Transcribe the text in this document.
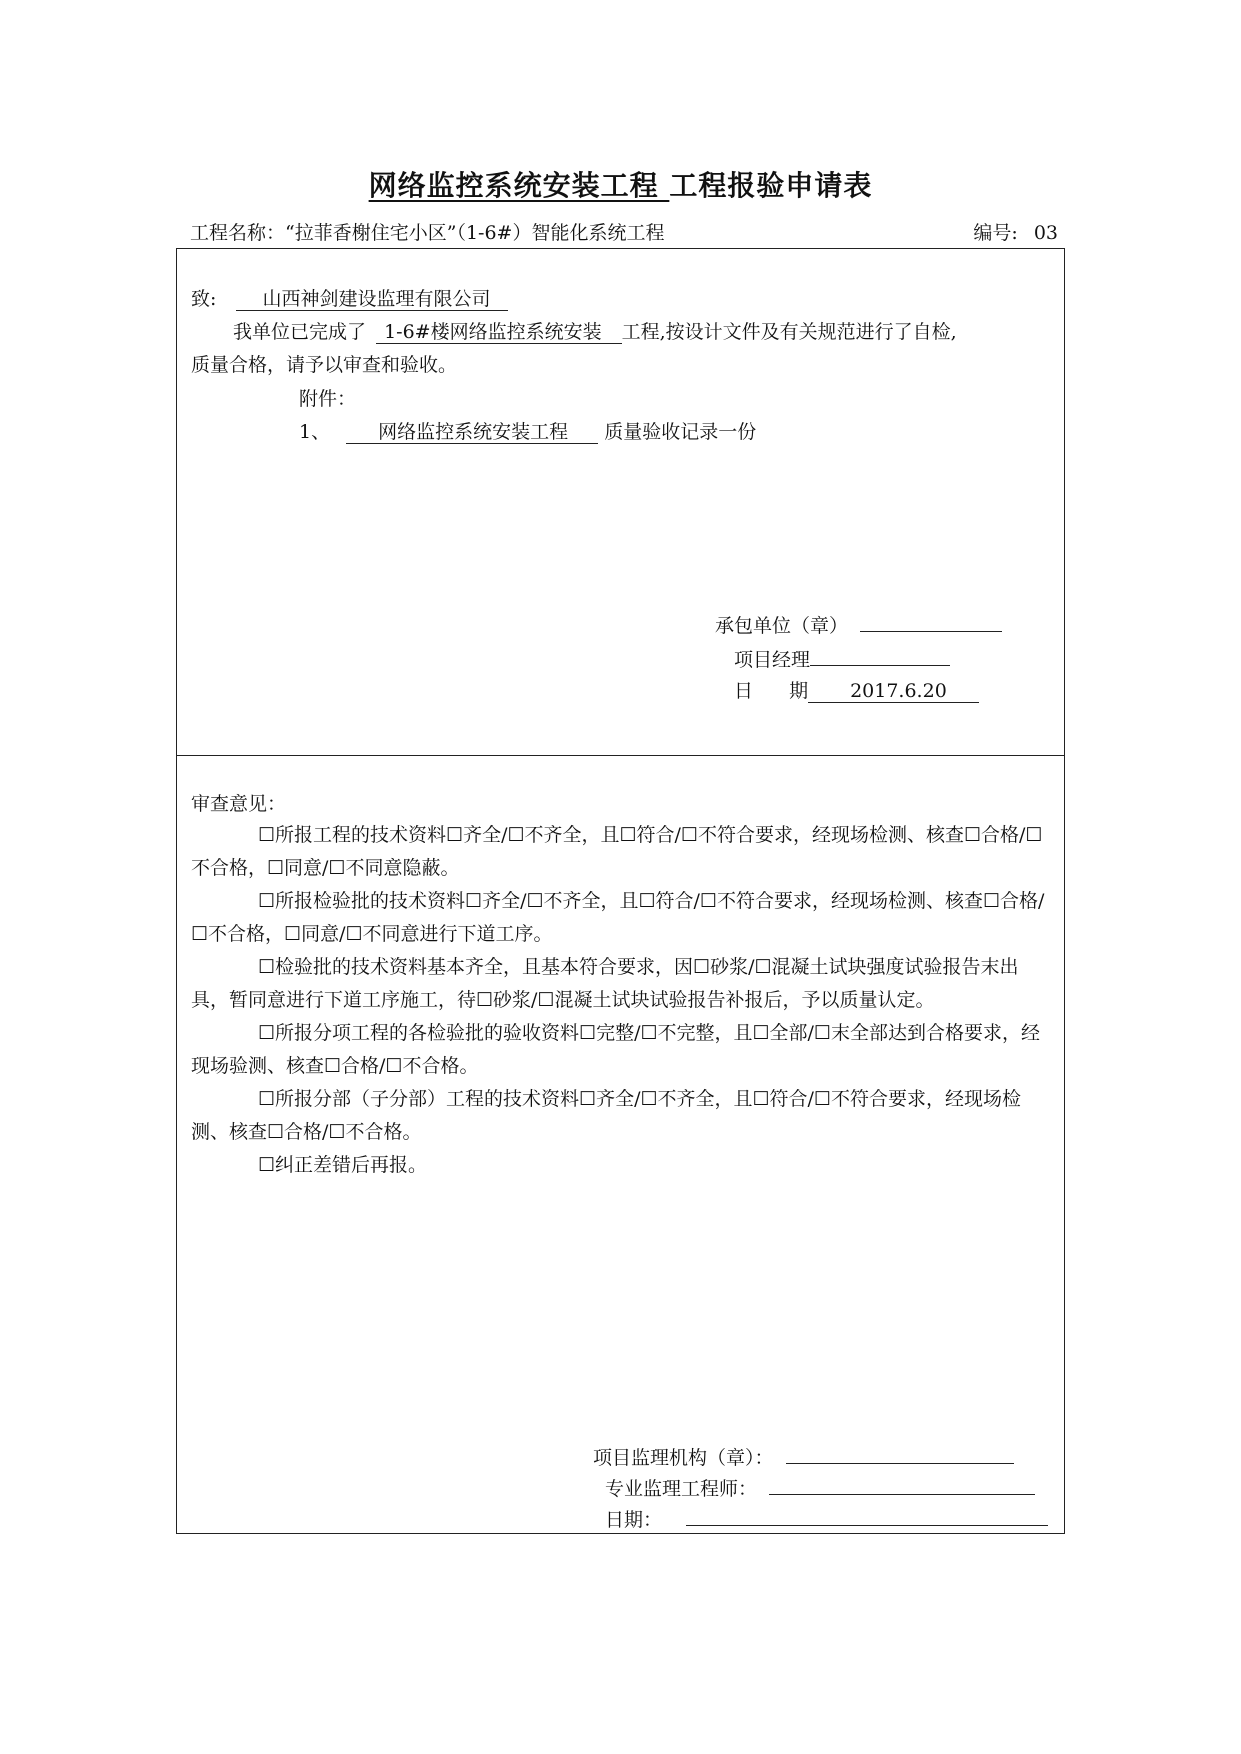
网络监控系统安装工程 工程报验申请表
工程名称：“拉菲香榭住宅小区”（1-6#）智能化系统工程	编号: 03
致: 山西神剑建设监理有限公司
我单位已完成了 1-6#楼网络监控系统安装 工程,按设计文件及有关规范进行了自检,
质量合格，请予以审查和验收。
附件：
1、	网络监控系统安装工程 质量验收记录一份
承包单位（章）
项目经理
日 期 2017.6.20
审查意见：

☐所报工程的技术资料☐齐全/☐不齐全，且☐符合/☐不符合要求，经现场检测、核查☐合格/☐不合格，☐同意/☐不同意隐蔽。

☐所报检验批的技术资料☐齐全/☐不齐全，且☐符合/☐不符合要求，经现场检测、核查☐合格/☐不合格，☐同意/☐不同意进行下道工序。

☐检验批的技术资料基本齐全，且基本符合要求，因☐砂浆/☐混凝土试块强度试验报告末出具，暂同意进行下道工序施工，待☐砂浆/☐混凝土试块试验报告补报后，予以质量认定。

☐所报分项工程的各检验批的验收资料☐完整/☐不完整，且☐全部/☐末全部达到合格要求，经现场验测、核查☐合格/☐不合格。

☐所报分部（子分部）工程的技术资料☐齐全/☐不齐全，且☐符合/☐不符合要求，经现场检测、核查☐合格/☐不合格。

☐纠正差错后再报。

项目监理机构（章）：
专业监理工程师：
日期：
